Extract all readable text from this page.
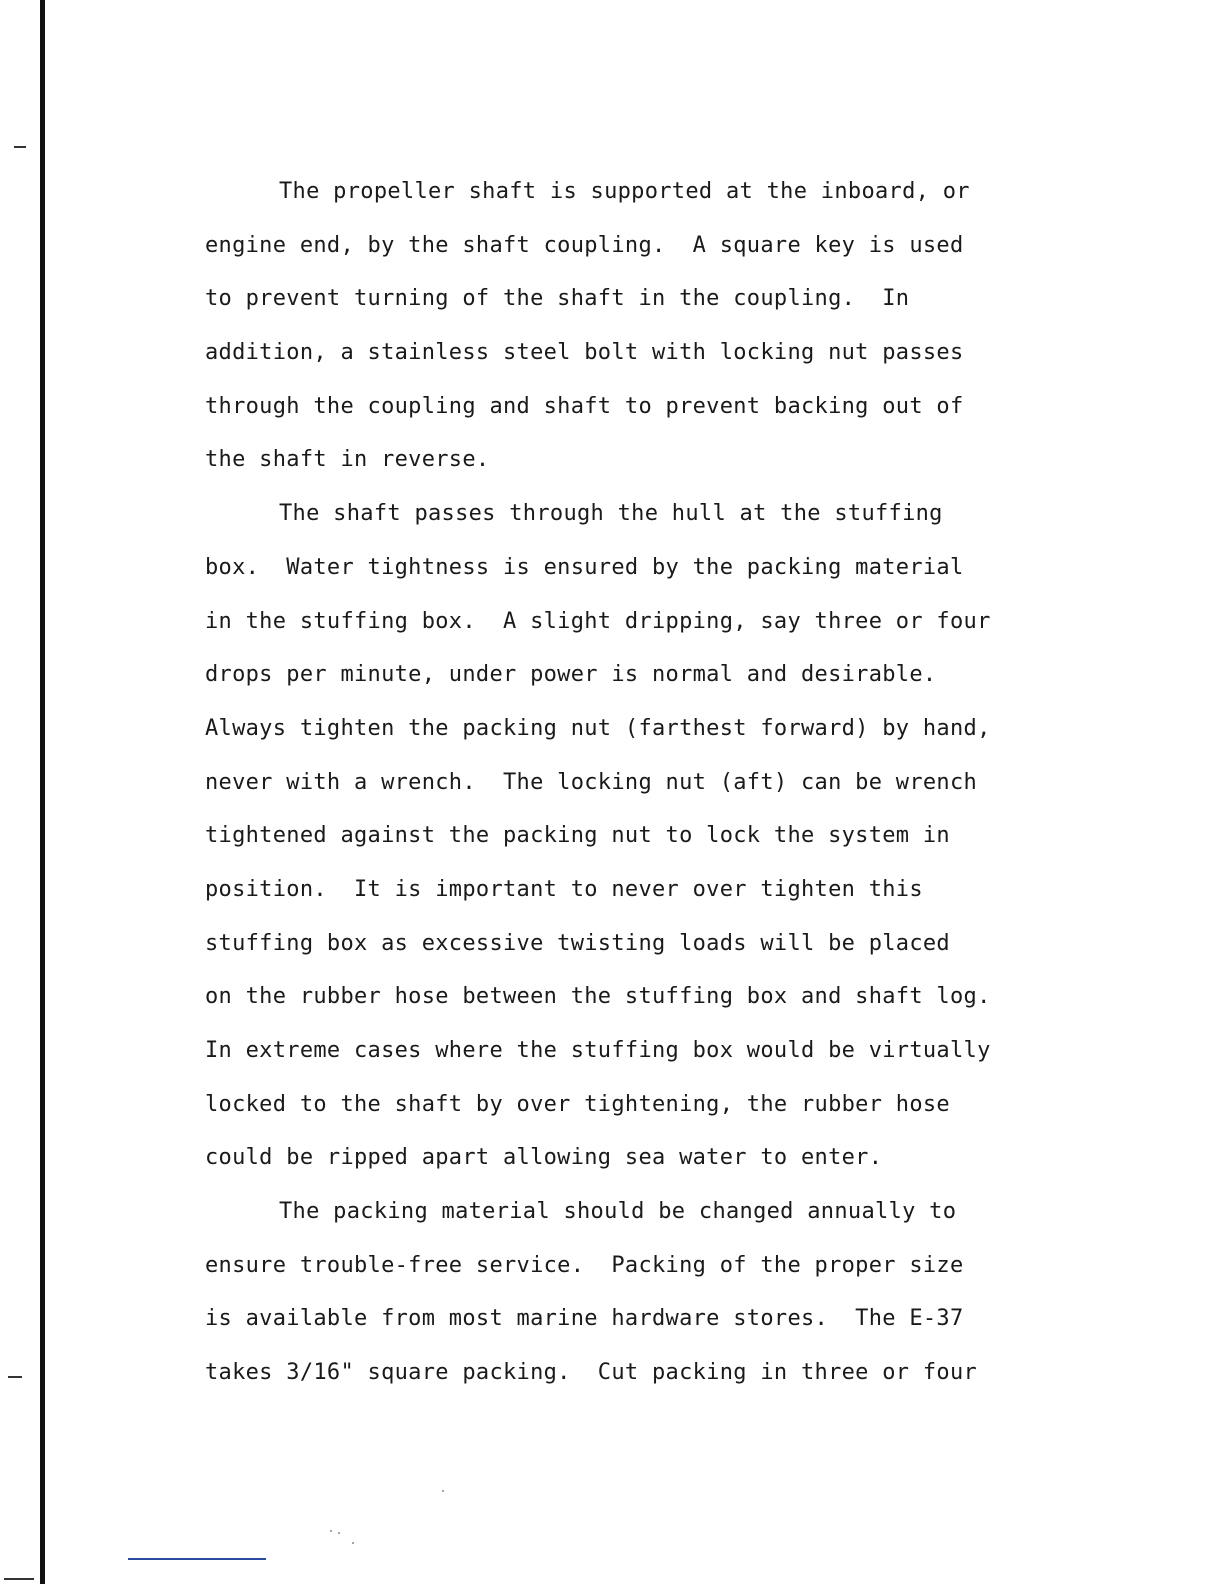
The propeller shaft is supported at the inboard, or
engine end, by the shaft coupling.  A square key is used
to prevent turning of the shaft in the coupling.  In
addition, a stainless steel bolt with locking nut passes
through the coupling and shaft to prevent backing out of
the shaft in reverse.
The shaft passes through the hull at the stuffing
box.  Water tightness is ensured by the packing material
in the stuffing box.  A slight dripping, say three or four
drops per minute, under power is normal and desirable.
Always tighten the packing nut (farthest forward) by hand,
never with a wrench.  The locking nut (aft) can be wrench
tightened against the packing nut to lock the system in
position.  It is important to never over tighten this
stuffing box as excessive twisting loads will be placed
on the rubber hose between the stuffing box and shaft log.
In extreme cases where the stuffing box would be virtually
locked to the shaft by over tightening, the rubber hose
could be ripped apart allowing sea water to enter.
The packing material should be changed annually to
ensure trouble-free service.  Packing of the proper size
is available from most marine hardware stores.  The E-37
takes 3/16" square packing.  Cut packing in three or four
